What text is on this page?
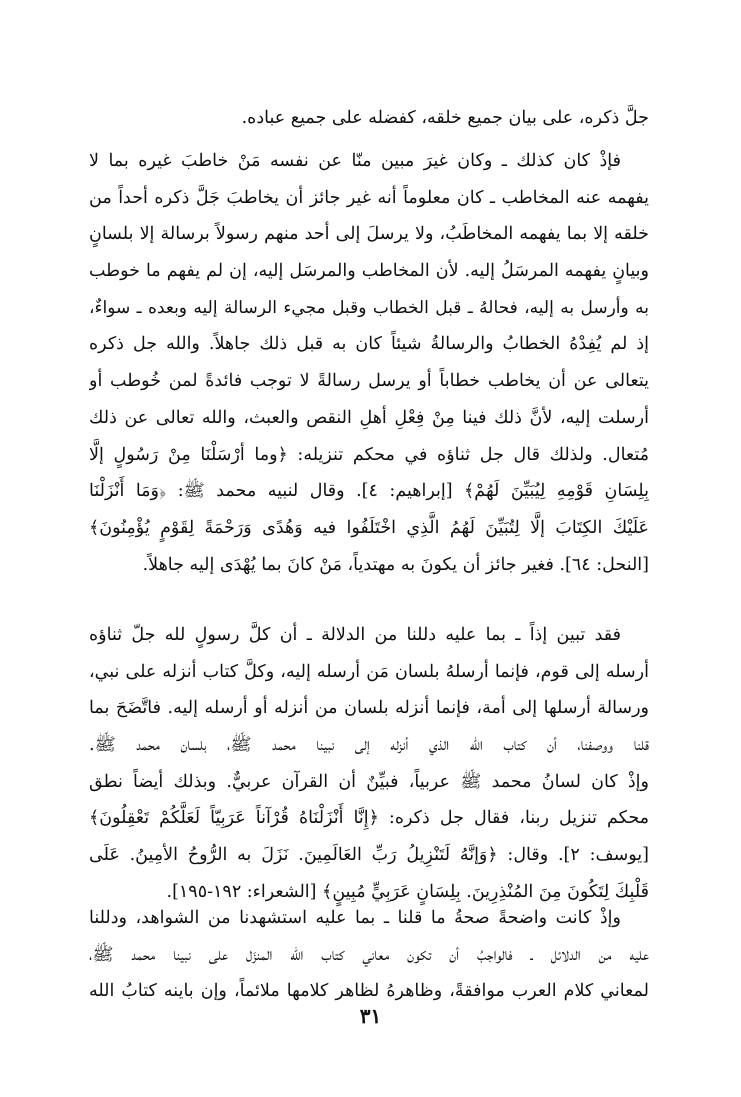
جلَّ ذكره، على بيان جميع خلقه، كفضله على جميع عباده.
فإذْ كان كذلك ـ وكان غيرَ مبين منّا عن نفسه مَنْ خاطبَ غيره بما لا
يفهمه عنه المخاطب ـ كان معلوماً أنه غير جائز أن يخاطبَ جَلَّ ذكره أحداً من
خلقه إلا بما يفهمه المخاطَبُ، ولا يرسلَ إلى أحد منهم رسولاً برسالة إلا بلسانٍ
وبيانٍ يفهمه المرسَلُ إليه. لأن المخاطب والمرسَل إليه، إن لم يفهم ما خوطب
به وأرسل به إليه، فحالهُ ـ قبل الخطاب وقبل مجيء الرسالة إليه وبعده ـ سواءٌ،
إذ لم يُفِدْهُ الخطابُ والرسالةُ شيئاً كان به قبل ذلك جاهلاً. والله جل ذكره
يتعالى عن أن يخاطب خطاباً أو يرسل رسالةً لا توجب فائدةً لمن خُوطب أو
أرسلت إليه، لأنَّ ذلك فينا مِنْ فِعْلِ أهلِ النقص والعبث، والله تعالى عن ذلك
مُتعال. ولذلك قال جل ثناؤه في محكم تنزيله: ﴿وما أرْسَلْنَا مِنْ رَسُولٍ إلَّا
بِلِسَانِ قَوْمِهِ لِيُبَيِّنَ لَهُمْ﴾ [إبراهيم: ٤]. وقال لنبيه محمد ﷺ: ﴿وَمَا أَنْزَلْنَا
عَلَيْكَ الكِتَابَ إلَّا لِتُبَيِّنَ لَهُمُ الَّذِي اخْتَلَفُوا فيه وَهُدًى وَرَحْمَةً لِقَوْمٍ يُؤْمِنُونَ﴾
[النحل: ٦٤]. فغير جائز أن يكونَ به مهتدياً، مَنْ كانَ بما يُهْدَى إليه جاهلاً.
فقد تبين إذاً ـ بما عليه دللنا من الدلالة ـ أن كلَّ رسولٍ لله جلّ ثناؤه
أرسله إلى قوم، فإنما أرسلهُ بلسان مَن أرسله إليه، وكلَّ كتاب أنزله على نبي،
ورسالة أرسلها إلى أمة، فإنما أنزله بلسان من أنزله أو أرسله إليه. فاتَّضَحَ بما
قلنا ووصفنا، أن كتاب الله الذي أنزله إلى نبينا محمد ﷺ، بلسان محمد ﷺ.
وإذْ كان لسانُ محمد ﷺ عربياً، فبيِّنٌ أن القرآن عربيٌّ. وبذلك أيضاً نطق
محكم تنزيل ربنا، فقال جل ذكره: ﴿إِنَّا أَنْزَلْنَاهُ قُرْآناً عَرَبِيّاً لَعَلَّكُمْ تَعْقِلُونَ﴾
[يوسف: ٢]. وقال: ﴿وَإنَّهُ لَتَنْزِيلُ رَبِّ العَالَمِينَ. نَزَلَ به الرُّوحُ الأمِينُ. عَلَى
قَلْبِكَ لِتَكُونَ مِنَ المُنْذِرِينَ. بِلِسَانٍ عَرَبِيٍّ مُبِينٍ﴾ [الشعراء: ١٩٢-١٩٥].
وإذْ كانت واضحةً صحةُ ما قلنا ـ بما عليه استشهدنا من الشواهد، ودللنا
عليه من الدلائل ـ فالواجبُ أن تكون معاني كتاب الله المنزَل على نبينا محمد ﷺ،
لمعاني كلام العرب موافقةً، وظاهرهُ لظاهر كلامها ملائماً، وإن باينه كتابُ الله
٣١
